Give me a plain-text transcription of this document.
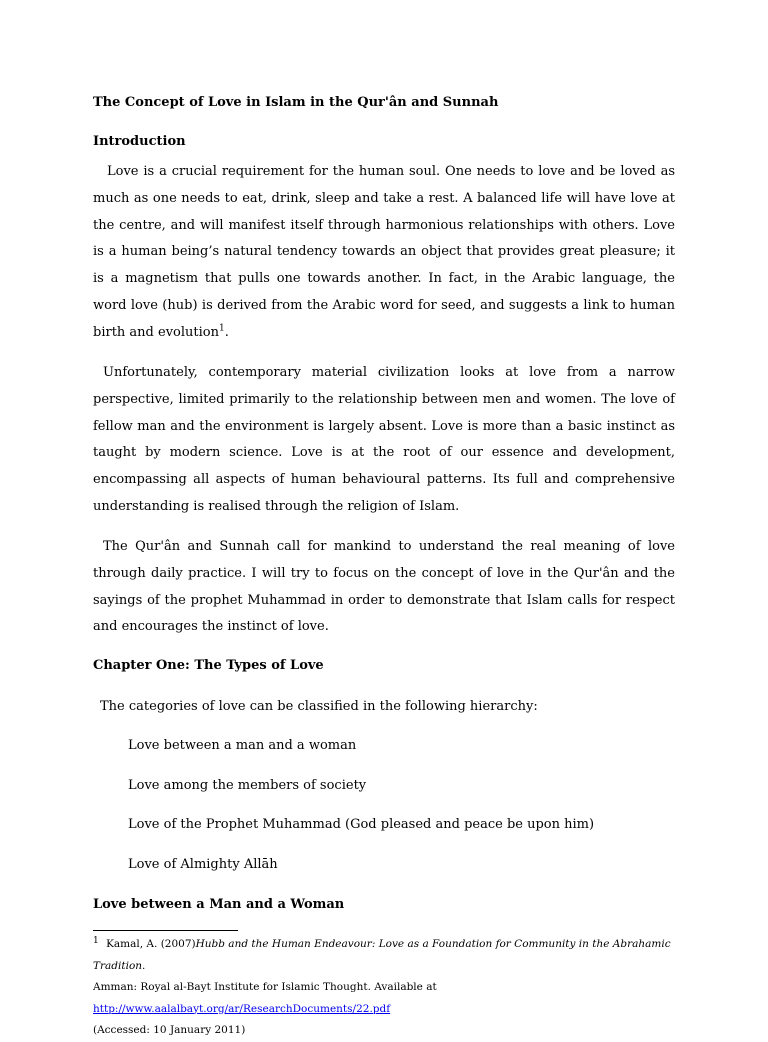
The Concept of Love in Islam in the Qur'ân and Sunnah
Introduction

Love is a crucial requirement for the human soul. One needs to love and be loved as much as one needs to eat, drink, sleep and take a rest. A balanced life will have love at the centre, and will manifest itself through harmonious relationships with others. Love is a human being’s natural tendency towards an object that provides great pleasure; it is a magnetism that pulls one towards another. In fact, in the Arabic language, the word love (hub) is derived from the Arabic word for seed, and suggests a link to human birth and evolution$^1$.

Unfortunately, contemporary material civilization looks at love from a narrow perspective, limited primarily to the relationship between men and women. The love of fellow man and the environment is largely absent. Love is more than a basic instinct as taught by modern science. Love is at the root of our essence and development, encompassing all aspects of human behavioural patterns. Its full and comprehensive understanding is realised through the religion of Islam.

The Qur'ân and Sunnah call for mankind to understand the real meaning of love through daily practice. I will try to focus on the concept of love in the Qur'ân and the sayings of the prophet Muhammad in order to demonstrate that Islam calls for respect and encourages the instinct of love.

Chapter One: The Types of Love
The categories of love can be classified in the following hierarchy:
Love between a man and a woman
Love among the members of society
Love of the Prophet Muhammad (God pleased and peace be upon him)
Love of Almighty Allāh
Love between a Man and a Woman
1 Kamal, A. (2007)Hubb and the Human Endeavour: Love as a Foundation for Community in the Abrahamic Tradition.
Amman: Royal al-Bayt Institute for Islamic Thought. Available at http://www.aalalbayt.org/ar/ResearchDocuments/22.pdf
(Accessed: 10 January 2011)
